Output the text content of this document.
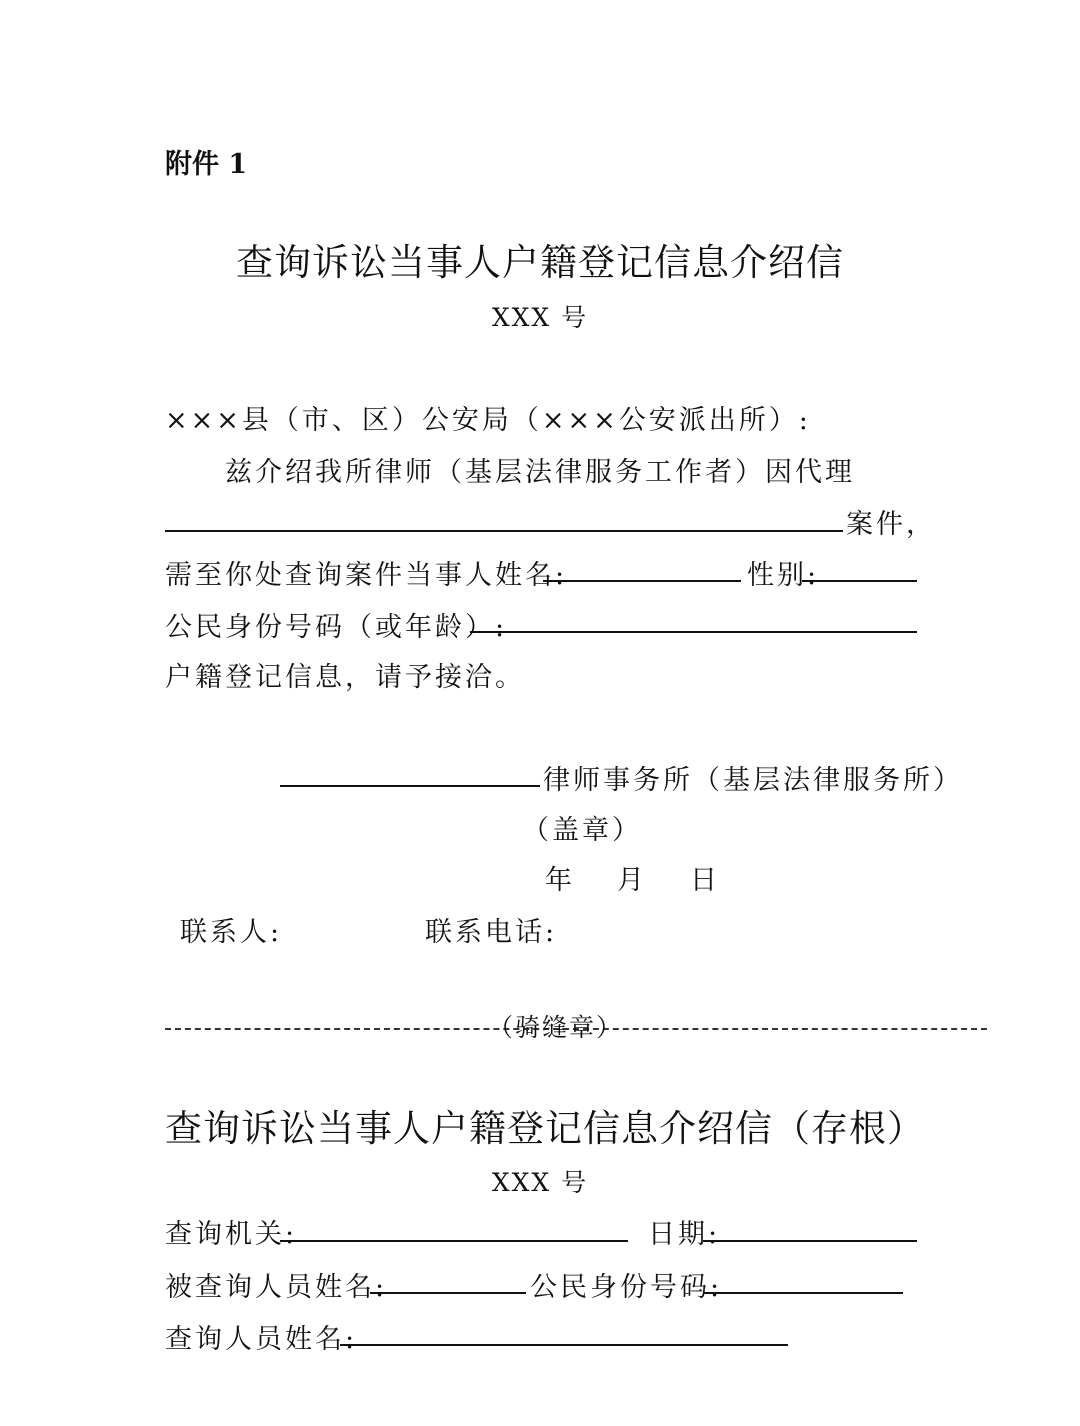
附件 1
查询诉讼当事人户籍登记信息介绍信
XXX 号
×××县（市、区）公安局（×××公安派出所）:
兹介绍我所律师（基层法律服务工作者）因代理
案件，
需至你处查询案件当事人姓名:	性别:
公民身份号码（或年龄）:
户籍登记信息，请予接洽。
律师事务所（基层法律服务所）
（盖章）
年 月 日
联系人:	联系电话:
（骑缝章）
查询诉讼当事人户籍登记信息介绍信（存根）
XXX 号
查询机关:	日期:
被查询人员姓名:	公民身份号码:
查询人员姓名:
